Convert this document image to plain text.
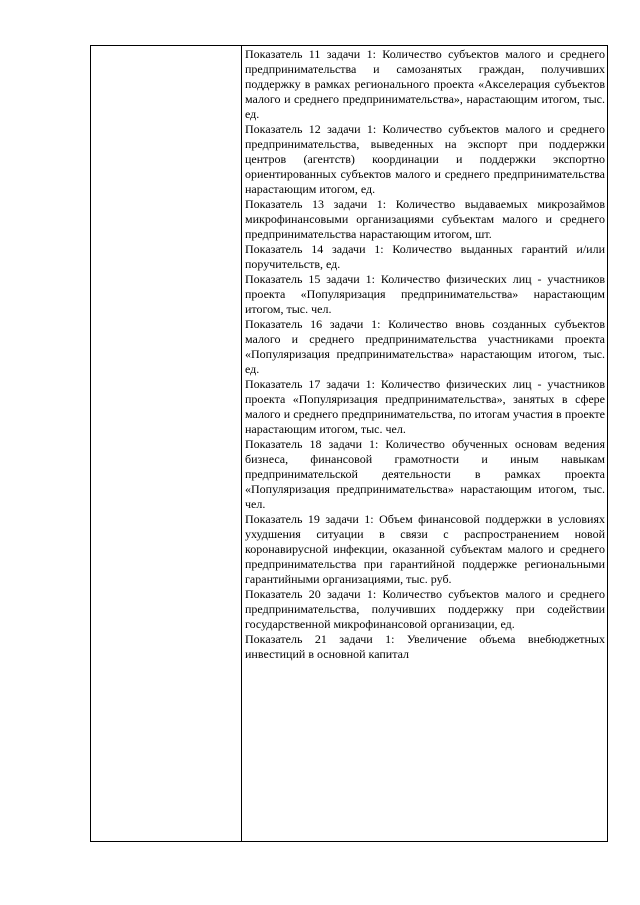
Показатель 11 задачи 1: Количество субъектов малого и среднего предпринимательства и самозанятых граждан, получивших поддержку в рамках регионального проекта «Акселерация субъектов малого и среднего предпринимательства», нарастающим итогом, тыс. ед.

Показатель 12 задачи 1: Количество субъектов малого и среднего предпринимательства, выведенных на экспорт при поддержки центров (агентств) координации и поддержки экспортно ориентированных субъектов малого и среднего предпринимательства нарастающим итогом, ед.

Показатель 13 задачи 1: Количество выдаваемых микрозаймов микрофинансовыми организациями субъектам малого и среднего предпринимательства нарастающим итогом, шт.

Показатель 14 задачи 1: Количество выданных гарантий и/или поручительств, ед.

Показатель 15 задачи 1: Количество физических лиц - участников проекта «Популяризация предпринимательства» нарастающим итогом, тыс. чел.

Показатель 16 задачи 1: Количество вновь созданных субъектов малого и среднего предпринимательства участниками проекта «Популяризация предпринимательства» нарастающим итогом, тыс. ед.

Показатель 17 задачи 1: Количество физических лиц - участников проекта «Популяризация предпринимательства», занятых в сфере малого и среднего предпринимательства, по итогам участия в проекте нарастающим итогом, тыс. чел.

Показатель 18 задачи 1: Количество обученных основам ведения бизнеса, финансовой грамотности и иным навыкам предпринимательской деятельности в рамках проекта «Популяризация предпринимательства» нарастающим итогом, тыс. чел.

Показатель 19 задачи 1: Объем финансовой поддержки в условиях ухудшения ситуации в связи с распространением новой коронавирусной инфекции, оказанной субъектам малого и среднего предпринимательства при гарантийной поддержке региональными гарантийными организациями, тыс. руб.

Показатель 20 задачи 1: Количество субъектов малого и среднего предпринимательства, получивших поддержку при содействии государственной микрофинансовой организации, ед.

Показатель 21 задачи 1: Увеличение объема внебюджетных инвестиций в основной капитал
